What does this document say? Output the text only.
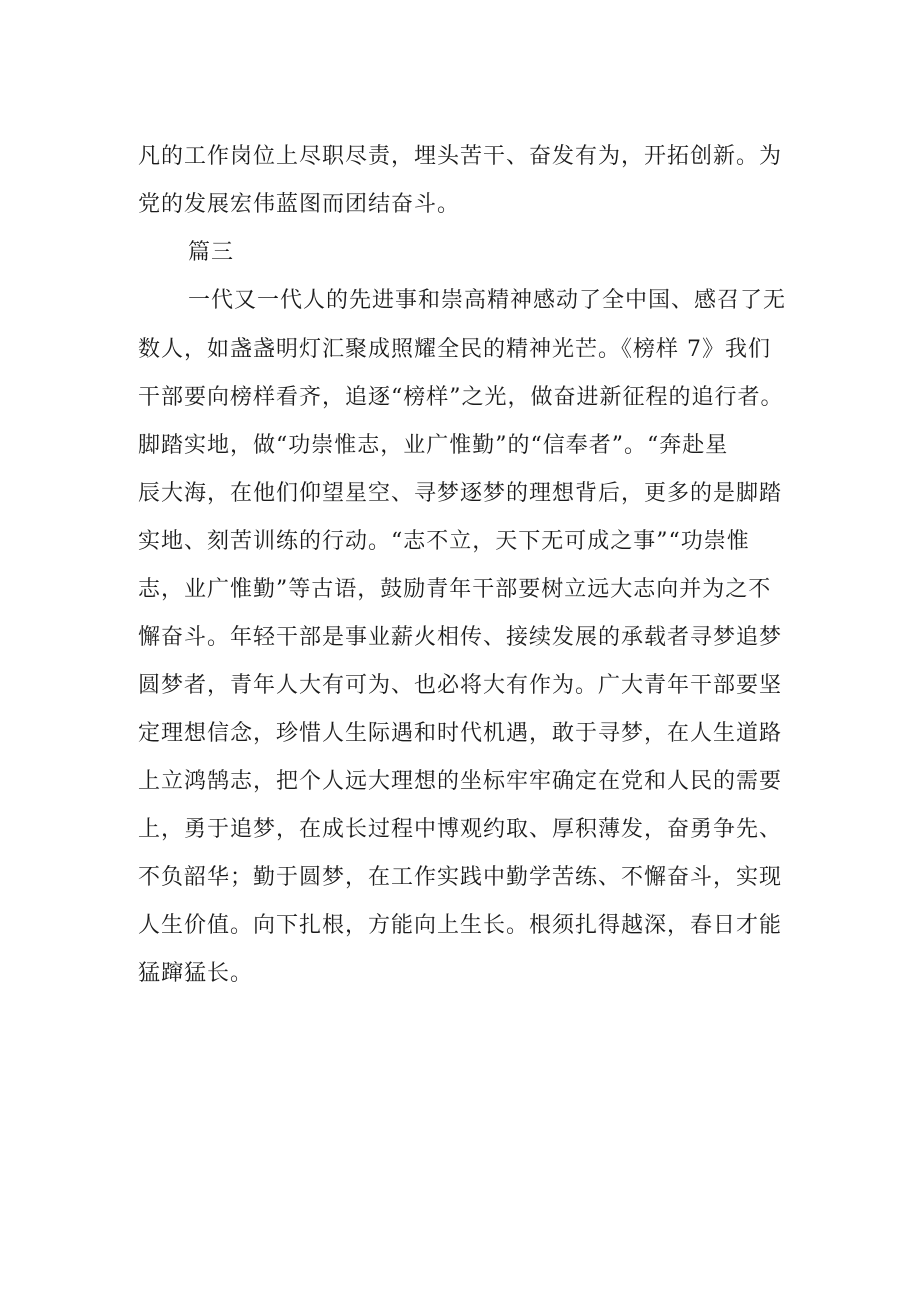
凡的工作岗位上尽职尽责，埋头苦干、奋发有为，开拓创新。为
党的发展宏伟蓝图而团结奋斗。
篇三
一代又一代人的先进事和崇高精神感动了全中国、感召了无
数人，如盏盏明灯汇聚成照耀全民的精神光芒。《榜样 7》我们
干部要向榜样看齐，追逐“榜样”之光，做奋进新征程的追行者。
脚踏实地，做“功崇惟志，业广惟勤”的“信奉者”。“奔赴星
辰大海，在他们仰望星空、寻梦逐梦的理想背后，更多的是脚踏
实地、刻苦训练的行动。“志不立，天下无可成之事”“功崇惟
志，业广惟勤”等古语，鼓励青年干部要树立远大志向并为之不
懈奋斗。年轻干部是事业薪火相传、接续发展的承载者寻梦追梦
圆梦者，青年人大有可为、也必将大有作为。广大青年干部要坚
定理想信念，珍惜人生际遇和时代机遇，敢于寻梦，在人生道路
上立鸿鹄志，把个人远大理想的坐标牢牢确定在党和人民的需要
上，勇于追梦，在成长过程中博观约取、厚积薄发，奋勇争先、
不负韶华；勤于圆梦，在工作实践中勤学苦练、不懈奋斗，实现
人生价值。向下扎根，方能向上生长。根须扎得越深，春日才能
猛蹿猛长。
